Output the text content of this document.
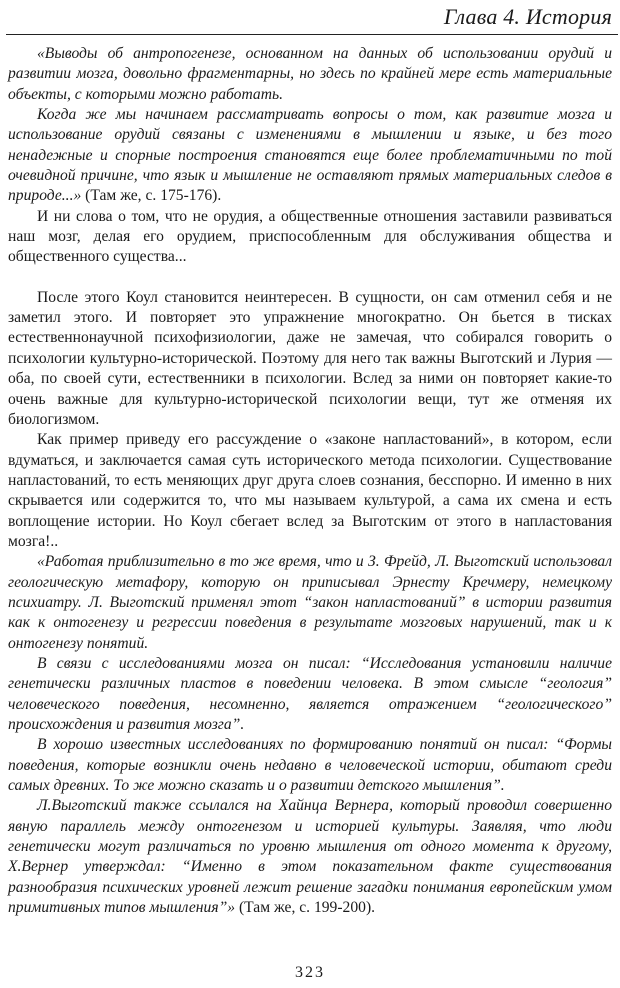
Глава 4. История

«Выводы об антропогенезе, основанном на данных об использовании орудий и развитии мозга, довольно фрагментарны, но здесь по крайней мере есть материальные объекты, с которыми можно работать.

Когда же мы начинаем рассматривать вопросы о том, как развитие мозга и использование орудий связаны с изменениями в мышлении и языке, и без того ненадежные и спорные построения становятся еще более проблематичными по той очевидной причине, что язык и мышление не оставляют прямых материальных следов в природе...» (Там же, с. 175-176).

И ни слова о том, что не орудия, а общественные отношения заставили развиваться наш мозг, делая его орудием, приспособленным для обслуживания общества и общественного существа...

После этого Коул становится неинтересен. В сущности, он сам отменил себя и не заметил этого. И повторяет это упражнение многократно. Он бьется в тисках естественнонаучной психофизиологии, даже не замечая, что собирался говорить о психологии культурно-исторической. Поэтому для него так важны Выготский и Лурия — оба, по своей сути, естественники в психологии. Вслед за ними он повторяет какие-то очень важные для культурно-исторической психологии вещи, тут же отменяя их биологизмом.

Как пример приведу его рассуждение о «законе напластований», в котором, если вдуматься, и заключается самая суть исторического метода психологии. Существование напластований, то есть меняющих друг друга слоев сознания, бесспорно. И именно в них скрывается или содержится то, что мы называем культурой, а сама их смена и есть воплощение истории. Но Коул сбегает вслед за Выготским от этого в напластования мозга!..

«Работая приблизительно в то же время, что и З. Фрейд, Л. Выготский использовал геологическую метафору, которую он приписывал Эрнесту Кречмеру, немецкому психиатру. Л. Выготский применял этот “закон напластований” в истории развития как к онтогенезу и регрессии поведения в результате мозговых нарушений, так и к онтогенезу понятий.

В связи с исследованиями мозга он писал: “Исследования установили наличие генетически различных пластов в поведении человека. В этом смысле “геология” человеческого поведения, несомненно, является отражением “геологического” происхождения и развития мозга”.

В хорошо известных исследованиях по формированию понятий он писал: “Формы поведения, которые возникли очень недавно в человеческой истории, обитают среди самых древних. То же можно сказать и о развитии детского мышления”.

Л.Выготский также ссылался на Хайнца Вернера, который проводил совершенно явную параллель между онтогенезом и историей культуры. Заявляя, что люди генетически могут различаться по уровню мышления от одного момента к другому, Х.Вернер утверждал: “Именно в этом показательном факте существования разнообразия психических уровней лежит решение загадки понимания европейским умом примитивных типов мышления”» (Там же, с. 199-200).

323
